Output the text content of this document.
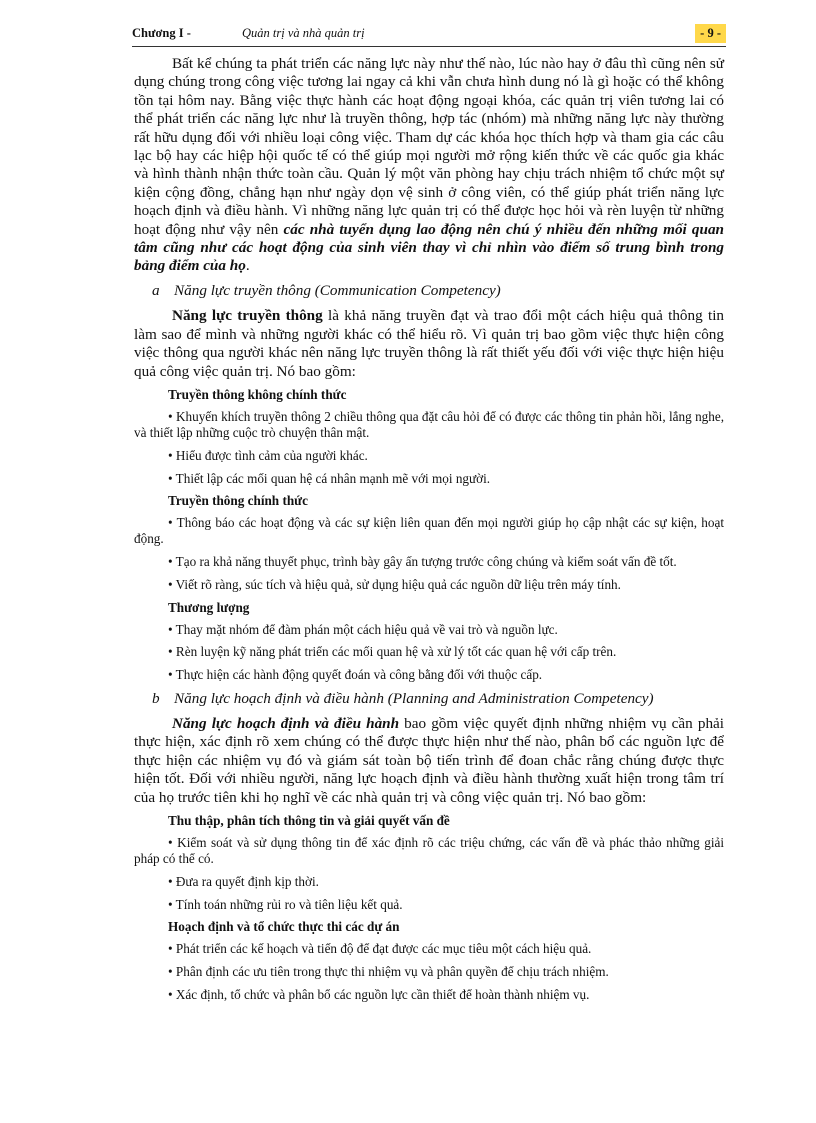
Chương I -	Quản trị và nhà quản trị	- 9 -

Bất kể chúng ta phát triển các năng lực này như thế nào, lúc nào hay ở đâu thì cũng nên sử dụng chúng trong công việc tương lai ngay cả khi vẫn chưa hình dung nó là gì hoặc có thể không tồn tại hôm nay. Bằng việc thực hành các hoạt động ngoại khóa, các quản trị viên tương lai có thể phát triển các năng lực như là truyền thông, hợp tác (nhóm) mà những năng lực này thường rất hữu dụng đối với nhiều loại công việc. Tham dự các khóa học thích hợp và tham gia các câu lạc bộ hay các hiệp hội quốc tế có thể giúp mọi người mở rộng kiến thức về các quốc gia khác và hình thành nhận thức toàn cầu. Quản lý một văn phòng hay chịu trách nhiệm tổ chức một sự kiện cộng đồng, chẳng hạn như ngày dọn vệ sinh ở công viên, có thể giúp phát triển năng lực hoạch định và điều hành. Vì những năng lực quản trị có thể được học hỏi và rèn luyện từ những hoạt động như vậy nên các nhà tuyển dụng lao động nên chú ý nhiều đến những mối quan tâm cũng như các hoạt động của sinh viên thay vì chỉ nhìn vào điểm số trung bình trong bảng điểm của họ.

a Năng lực truyền thông (Communication Competency)

Năng lực truyền thông là khả năng truyền đạt và trao đổi một cách hiệu quả thông tin làm sao để mình và những người khác có thể hiểu rõ. Vì quản trị bao gồm việc thực hiện công việc thông qua người khác nên năng lực truyền thông là rất thiết yếu đối với việc thực hiện hiệu quả công việc quản trị. Nó bao gồm:

Truyền thông không chính thức

• Khuyến khích truyền thông 2 chiều thông qua đặt câu hỏi để có được các thông tin phản hồi, lắng nghe, và thiết lập những cuộc trò chuyện thân mật.

• Hiểu được tình cảm của người khác.

• Thiết lập các mối quan hệ cá nhân mạnh mẽ với mọi người.

Truyền thông chính thức

• Thông báo các hoạt động và các sự kiện liên quan đến mọi người giúp họ cập nhật các sự kiện, hoạt động.

• Tạo ra khả năng thuyết phục, trình bày gây ấn tượng trước công chúng và kiểm soát vấn đề tốt.

• Viết rõ ràng, súc tích và hiệu quả, sử dụng hiệu quả các nguồn dữ liệu trên máy tính.

Thương lượng

• Thay mặt nhóm để đàm phán một cách hiệu quả về vai trò và nguồn lực.

• Rèn luyện kỹ năng phát triển các mối quan hệ và xử lý tốt các quan hệ với cấp trên.

• Thực hiện các hành động quyết đoán và công bằng đối với thuộc cấp.

b Năng lực hoạch định và điều hành (Planning and Administration Competency)

Năng lực hoạch định và điều hành bao gồm việc quyết định những nhiệm vụ cần phải thực hiện, xác định rõ xem chúng có thể được thực hiện như thế nào, phân bổ các nguồn lực để thực hiện các nhiệm vụ đó và giám sát toàn bộ tiến trình để đoan chắc rằng chúng được thực hiện tốt. Đối với nhiều người, năng lực hoạch định và điều hành thường xuất hiện trong tâm trí của họ trước tiên khi họ nghĩ về các nhà quản trị và công việc quản trị. Nó bao gồm:

Thu thập, phân tích thông tin và giải quyết vấn đề

• Kiểm soát và sử dụng thông tin để xác định rõ các triệu chứng, các vấn đề và phác thảo những giải pháp có thể có.

• Đưa ra quyết định kịp thời.

• Tính toán những rủi ro và tiên liệu kết quả.

Hoạch định và tổ chức thực thi các dự án

• Phát triển các kế hoạch và tiến độ để đạt được các mục tiêu một cách hiệu quả.

• Phân định các ưu tiên trong thực thi nhiệm vụ và phân quyền để chịu trách nhiệm.

• Xác định, tổ chức và phân bổ các nguồn lực cần thiết để hoàn thành nhiệm vụ.
